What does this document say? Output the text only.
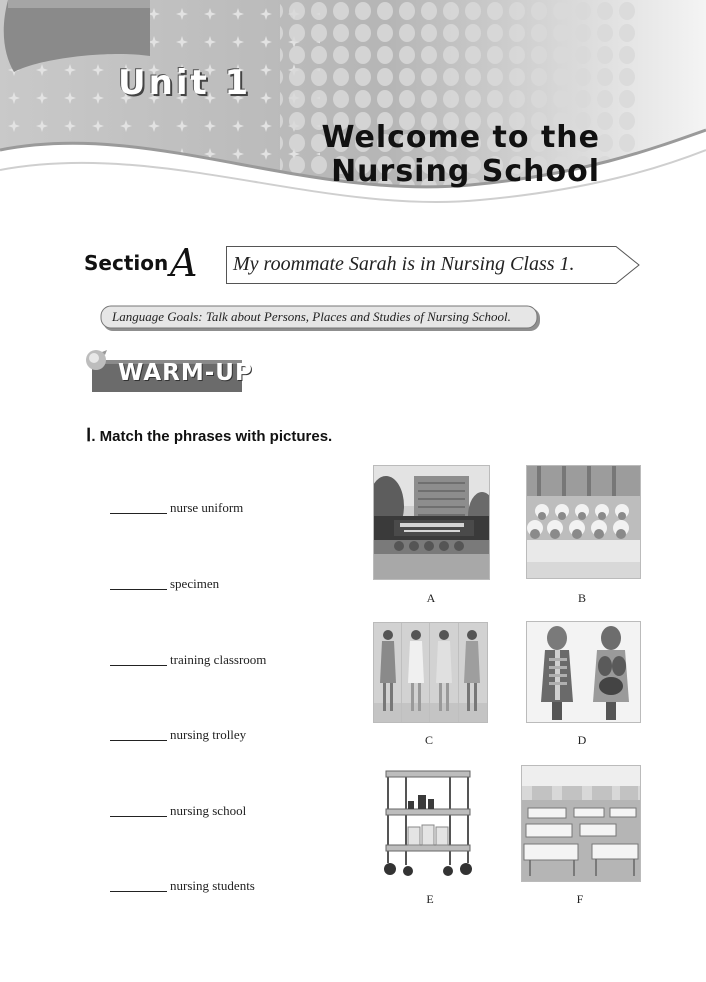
Unit 1
Welcome to the
Nursing School
Section A My roommate Sarah is in Nursing Class 1.
Language Goals: Talk about Persons, Places and Studies of Nursing School.
WARM-UP
Ⅰ. Match the phrases with pictures.
nurse uniform
specimen
training classroom
nursing trolley
nursing school
nursing students
A	B
C	D
E	F
